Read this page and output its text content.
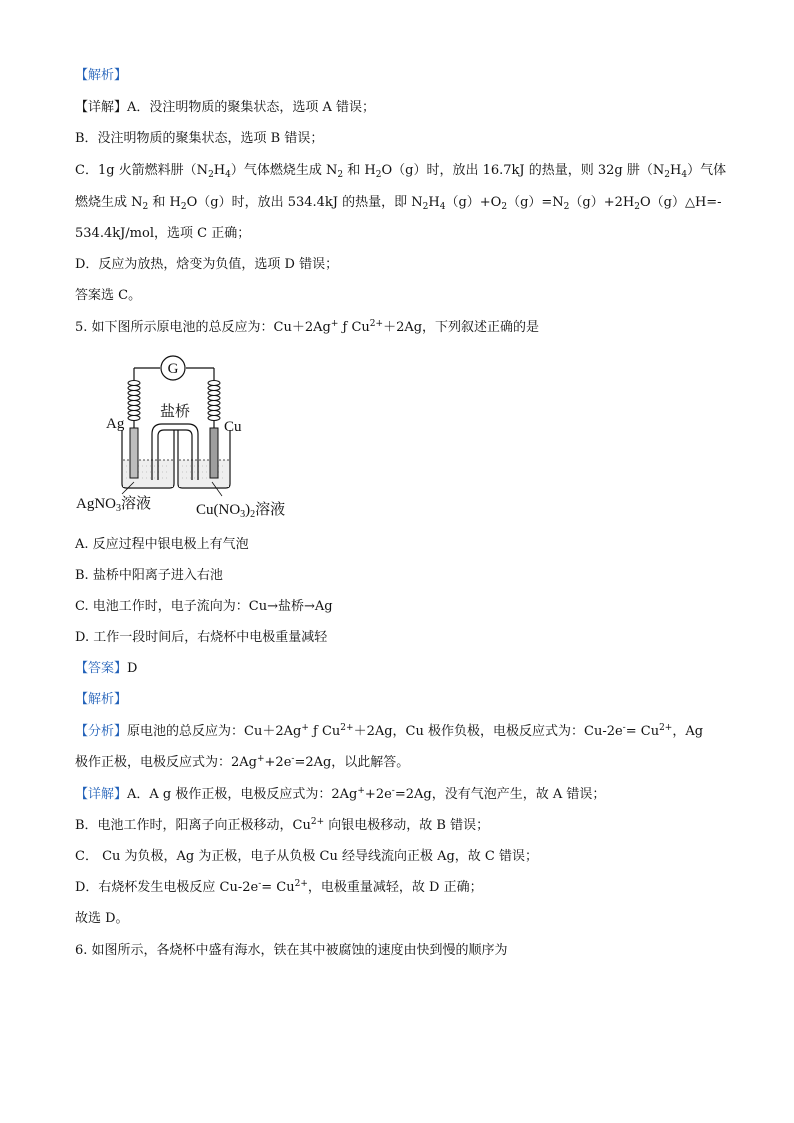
【解析】
【详解】A．没注明物质的聚集状态，选项 A 错误；
B．没注明物质的聚集状态，选项 B 错误；
C．1g 火箭燃料肼$(N_2H_4)$气体燃烧生成 $N_2$ 和 $H_2O(g)$时，放出 16.7kJ 的热量，则 32g 肼$(N_2H_4)$气体
燃烧生成 $N_2$ 和 $H_2O(g)$时，放出 534.4kJ 的热量，即 $N_2H_4(g)+O_2(g)=N_2(g)+2H_2O(g)\triangle H=-$
534.4kJ/mol，选项 C 正确；
D．反应为放热，焓变为负值，选项 D 错误；
答案选 C。
5. 如下图所示原电池的总反应为：Cu＋2Ag+ ƒ $Cu^{2+}+2Ag$，下列叙述正确的是
G
Ag	Cu
盐桥
AgNO$_3$溶液	$Cu(NO_3)_2$溶液
A. 反应过程中银电极上有气泡
B. 盐桥中阳离子进入右池
C. 电池工作时，电子流向为：Cu→盐桥→Ag
D. 工作一段时间后，右烧杯中电极重量减轻
【答案】D
【解析】
【分析】原电池的总反应为：Cu＋2Ag+ ƒ $Cu^{2+}+2Ag$，Cu 极作负极，电极反应式为：$Cu-2e^-= Cu^{2+}$，Ag
极作正极，电极反应式为：2Ag++2e-=2Ag，以此解答。
【详解】A．A g 极作正极，电极反应式为：2Ag++2e-=2Ag，没有气泡产生，故 A 错误；
B．电池工作时，阳离子向正极移动，$Cu^{2+}$ 向银电极移动，故 B 错误；
C． Cu 为负极，Ag 为正极，电子从负极 Cu 经导线流向正极 Ag，故 C 错误；
D．右烧杯发生电极反应 $Cu-2e^-= Cu^{2+}$，电极重量减轻，故 D 正确；
故选 D。
6. 如图所示，各烧杯中盛有海水，铁在其中被腐蚀的速度由快到慢的顺序为
